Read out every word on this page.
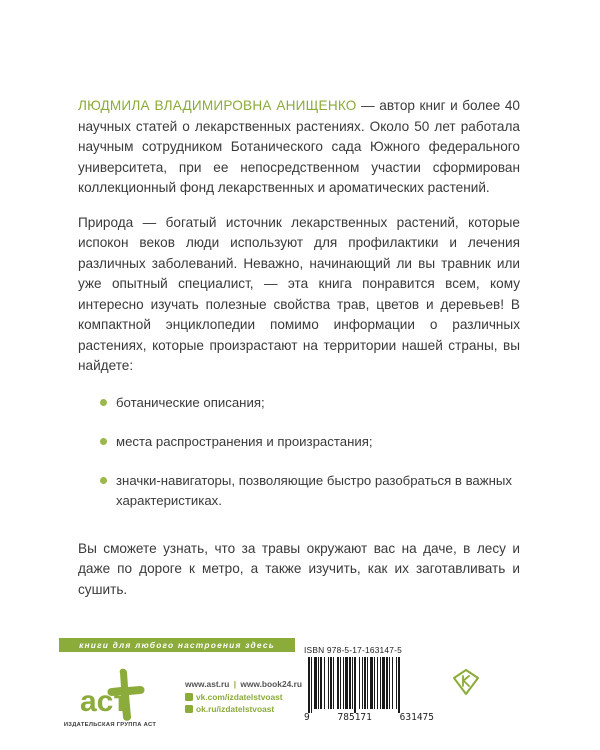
ЛЮДМИЛА ВЛАДИМИРОВНА АНИЩЕНКО — автор книг и более 40 научных статей о лекарственных растениях. Около 50 лет работала научным сотрудником Ботанического сада Южного федерального университета, при ее непосредственном участии сформирован коллекционный фонд лекарственных и ароматических растений.

Природа — богатый источник лекарственных растений, которые испокон веков люди используют для профилактики и лечения различных заболеваний. Неважно, начинающий ли вы травник или уже опытный специалист, — эта книга понравится всем, кому интересно изучать полезные свойства трав, цветов и деревьев! В компактной энциклопедии помимо информации о различных растениях, которые произрастают на территории нашей страны, вы найдете:

ботанические описания;
места распространения и произрастания;
значки-навигаторы, позволяющие быстро разобраться в важных характеристиках.

Вы сможете узнать, что за травы окружают вас на даче, в лесу и даже по дороге к метро, а также изучить, как их заготавливать и сушить.

книги для любого настроения здесь
аст
ИЗДАТЕЛЬСКАЯ ГРУППА АСТ
www.ast.ru | www.book24.ru
vk.com/izdatelstvoast
ok.ru/izdatelstvoast
ISBN 978-5-17-163147-5
9	785171	631475
